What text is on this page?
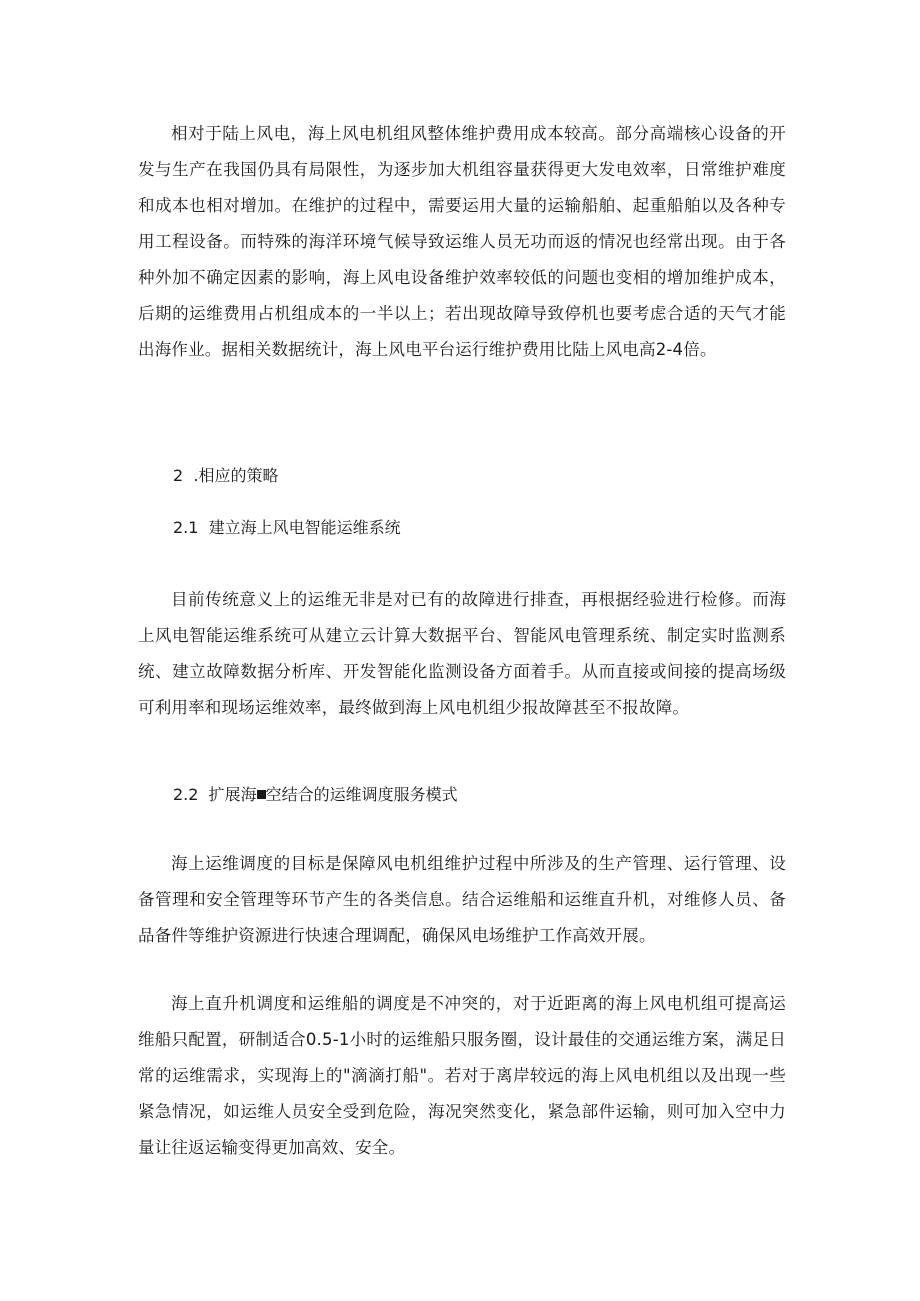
相对于陆上风电，海上风电机组风整体维护费用成本较高。部分高端核心设备的开发与生产在我国仍具有局限性，为逐步加大机组容量获得更大发电效率，日常维护难度和成本也相对增加。在维护的过程中，需要运用大量的运输船舶、起重船舶以及各种专用工程设备。而特殊的海洋环境气候导致运维人员无功而返的情况也经常出现。由于各种外加不确定因素的影响，海上风电设备维护效率较低的问题也变相的增加维护成本，后期的运维费用占机组成本的一半以上；若出现故障导致停机也要考虑合适的天气才能出海作业。据相关数据统计，海上风电平台运行维护费用比陆上风电高2-4倍。

2  .相应的策略
2.1  建立海上风电智能运维系统

目前传统意义上的运维无非是对已有的故障进行排查，再根据经验进行检修。而海上风电智能运维系统可从建立云计算大数据平台、智能风电管理系统、制定实时监测系统、建立故障数据分析库、开发智能化监测设备方面着手。从而直接或间接的提高场级可利用率和现场运维效率，最终做到海上风电机组少报故障甚至不报故障。

2.2  扩展海 空结合的运维调度服务模式

海上运维调度的目标是保障风电机组维护过程中所涉及的生产管理、运行管理、设备管理和安全管理等环节产生的各类信息。结合运维船和运维直升机，对维修人员、备品备件等维护资源进行快速合理调配，确保风电场维护工作高效开展。

海上直升机调度和运维船的调度是不冲突的，对于近距离的海上风电机组可提高运维船只配置，研制适合0.5-1小时的运维船只服务圈，设计最佳的交通运维方案，满足日常的运维需求，实现海上的"滴滴打船"。若对于离岸较远的海上风电机组以及出现一些紧急情况，如运维人员安全受到危险，海况突然变化，紧急部件运输，则可加入空中力量让往返运输变得更加高效、安全。
